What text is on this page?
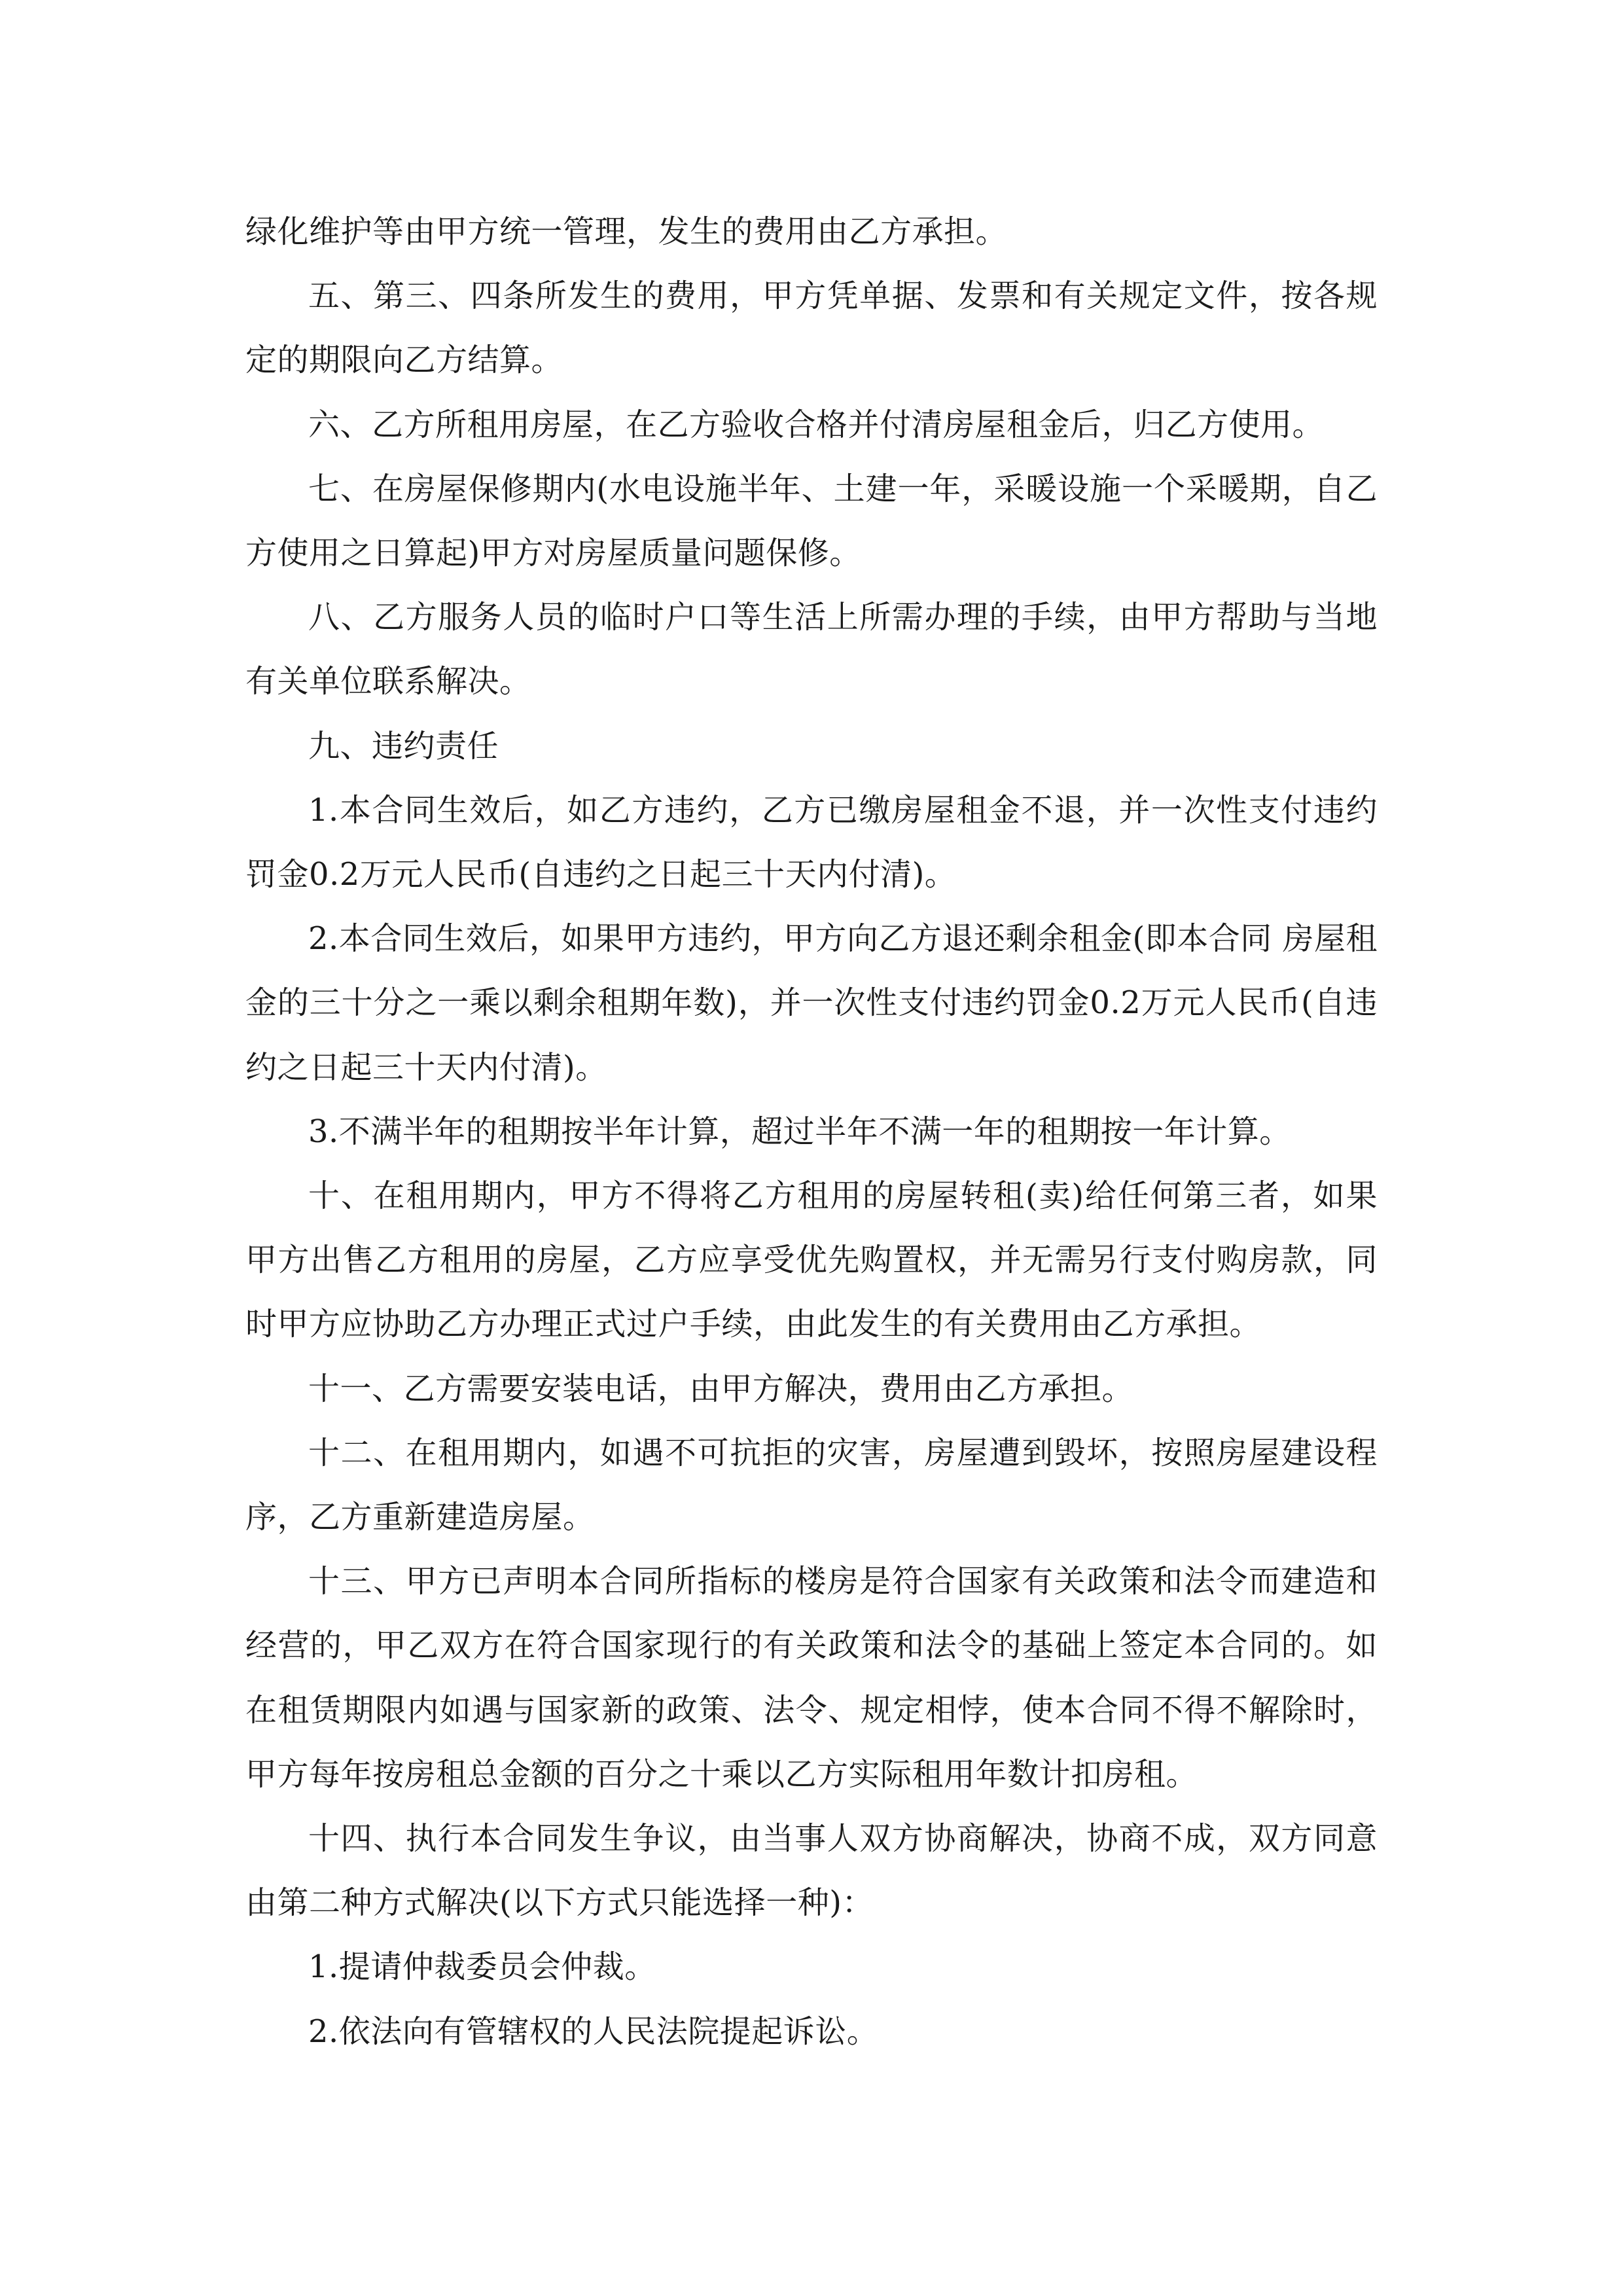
绿化维护等由甲方统一管理，发生的费用由乙方承担。

五、第三、四条所发生的费用，甲方凭单据、发票和有关规定文件，按各规定的期限向乙方结算。

六、乙方所租用房屋，在乙方验收合格并付清房屋租金后，归乙方使用。

七、在房屋保修期内(水电设施半年、土建一年，采暖设施一个采暖期，自乙方使用之日算起)甲方对房屋质量问题保修。

八、乙方服务人员的临时户口等生活上所需办理的手续，由甲方帮助与当地有关单位联系解决。

九、违约责任

1.本合同生效后，如乙方违约，乙方已缴房屋租金不退，并一次性支付违约罚金0.2万元人民币(自违约之日起三十天内付清)。

2.本合同生效后，如果甲方违约，甲方向乙方退还剩余租金(即本合同 房屋租金的三十分之一乘以剩余租期年数)，并一次性支付违约罚金0.2万元人民币(自违约之日起三十天内付清)。

3.不满半年的租期按半年计算，超过半年不满一年的租期按一年计算。

十、在租用期内，甲方不得将乙方租用的房屋转租(卖)给任何第三者，如果甲方出售乙方租用的房屋，乙方应享受优先购置权，并无需另行支付购房款，同时甲方应协助乙方办理正式过户手续，由此发生的有关费用由乙方承担。

十一、乙方需要安装电话，由甲方解决，费用由乙方承担。

十二、在租用期内，如遇不可抗拒的灾害，房屋遭到毁坏，按照房屋建设程序，乙方重新建造房屋。

十三、甲方已声明本合同所指标的楼房是符合国家有关政策和法令而建造和经营的，甲乙双方在符合国家现行的有关政策和法令的基础上签定本合同的。如在租赁期限内如遇与国家新的政策、法令、规定相悖，使本合同不得不解除时，甲方每年按房租总金额的百分之十乘以乙方实际租用年数计扣房租。

十四、执行本合同发生争议，由当事人双方协商解决，协商不成，双方同意由第二种方式解决(以下方式只能选择一种)：

1.提请仲裁委员会仲裁。

2.依法向有管辖权的人民法院提起诉讼。
